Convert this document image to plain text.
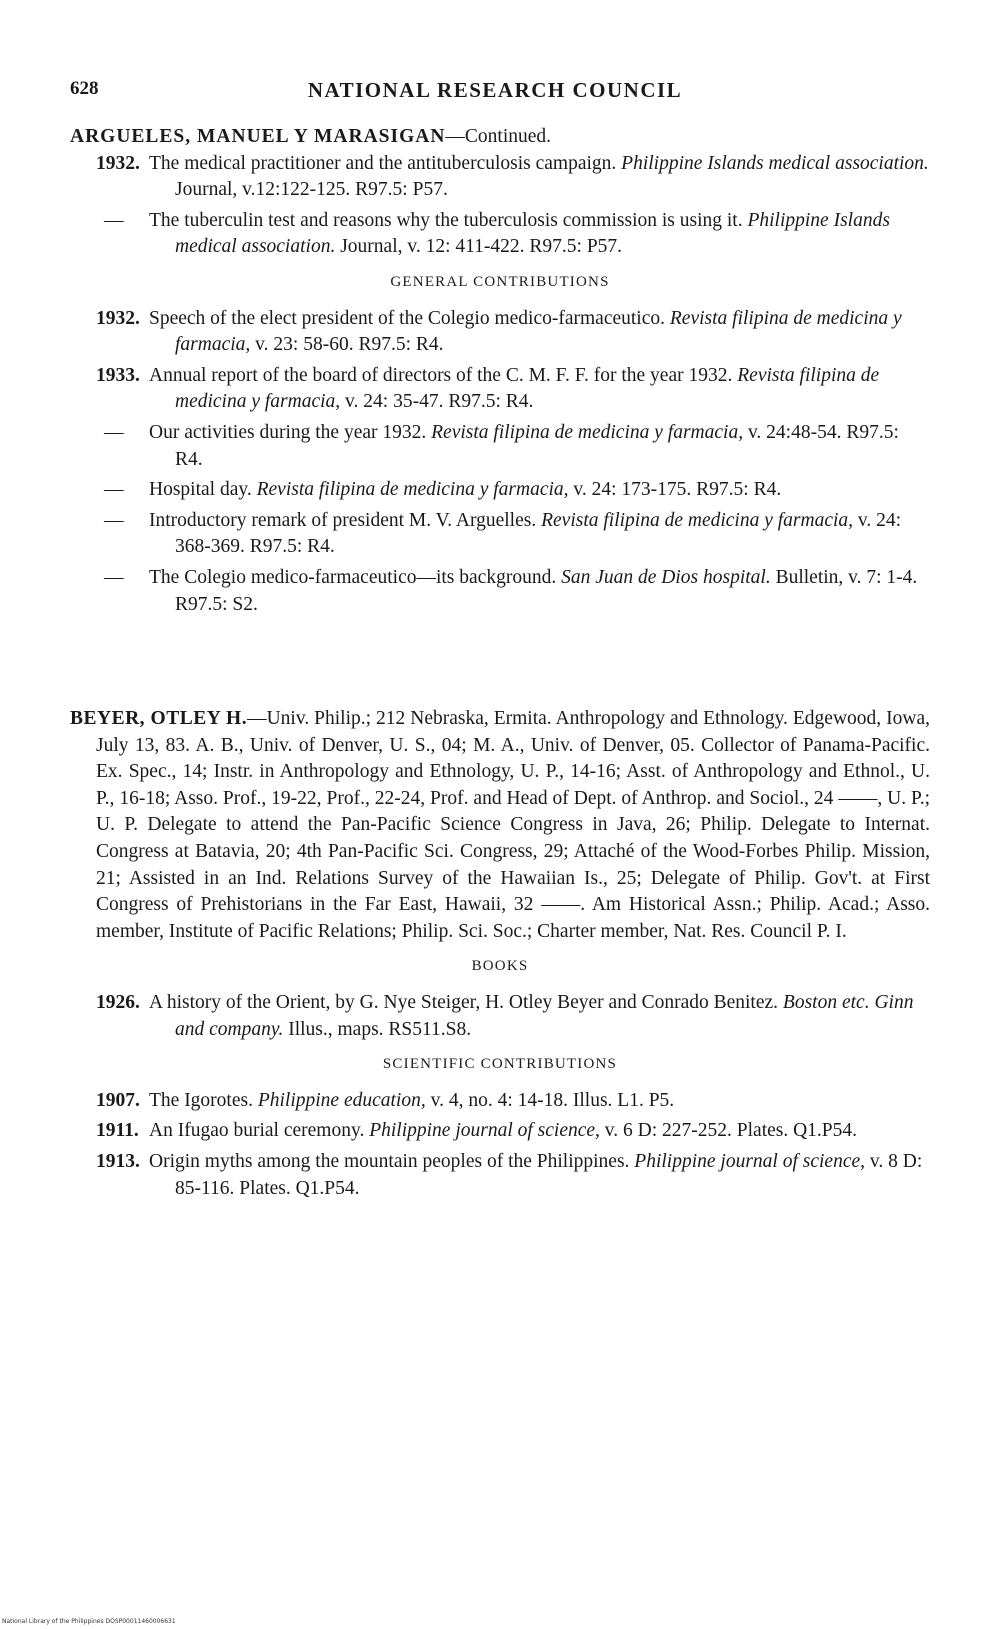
628	NATIONAL RESEARCH COUNCIL

ARGUELES, MANUEL Y MARASIGAN—Continued.

1932. The medical practitioner and the antituberculosis campaign. Philippine Islands medical association. Journal, v.12:122-125. R97.5: P57.

—	The tuberculin test and reasons why the tuberculosis commission is using it. Philippine Islands medical association. Journal, v. 12: 411-422. R97.5: P57.

GENERAL CONTRIBUTIONS

1932. Speech of the elect president of the Colegio medico-farmaceutico. Revista filipina de medicina y farmacia, v. 23: 58-60. R97.5: R4.

1933. Annual report of the board of directors of the C. M. F. F. for the year 1932. Revista filipina de medicina y farmacia, v. 24: 35-47. R97.5: R4.

—	Our activities during the year 1932. Revista filipina de medicina y farmacia, v. 24:48-54. R97.5: R4.

—	Hospital day. Revista filipina de medicina y farmacia, v. 24: 173-175. R97.5: R4.

—	Introductory remark of president M. V. Arguelles. Revista filipina de medicina y farmacia, v. 24: 368-369. R97.5: R4.

—	The Colegio medico-farmaceutico—its background. San Juan de Dios hospital. Bulletin, v. 7: 1-4. R97.5: S2.

BEYER, OTLEY H.—Univ. Philip.; 212 Nebraska, Ermita. Anthropology and Ethnology. Edgewood, Iowa, July 13, 83. A. B., Univ. of Denver, U. S., 04; M. A., Univ. of Denver, 05. Collector of Panama-Pacific. Ex. Spec., 14; Instr. in Anthropology and Ethnology, U. P., 14-16; Asst. of Anthropology and Ethnol., U. P., 16-18; Asso. Prof., 19-22, Prof., 22-24, Prof. and Head of Dept. of Anthrop. and Sociol., 24 ——, U. P.; U. P. Delegate to attend the Pan-Pacific Science Congress in Java, 26; Philip. Delegate to Internat. Congress at Batavia, 20; 4th Pan-Pacific Sci. Congress, 29; Attaché of the Wood-Forbes Philip. Mission, 21; Assisted in an Ind. Relations Survey of the Hawaiian Is., 25; Delegate of Philip. Gov't. at First Congress of Prehistorians in the Far East, Hawaii, 32 ——. Am Historical Assn.; Philip. Acad.; Asso. member, Institute of Pacific Relations; Philip. Sci. Soc.; Charter member, Nat. Res. Council P. I.

BOOKS

1926. A history of the Orient, by G. Nye Steiger, H. Otley Beyer and Conrado Benitez. Boston etc. Ginn and company. Illus., maps. RS511.S8.

SCIENTIFIC CONTRIBUTIONS

1907. The Igorotes. Philippine education, v. 4, no. 4: 14-18. Illus. L1. P5.

1911. An Ifugao burial ceremony. Philippine journal of science, v. 6 D: 227-252. Plates. Q1.P54.

1913. Origin myths among the mountain peoples of the Philippines. Philippine journal of science, v. 8 D: 85-116. Plates. Q1.P54.

National Library of the Philippines DOSP00011460006631
